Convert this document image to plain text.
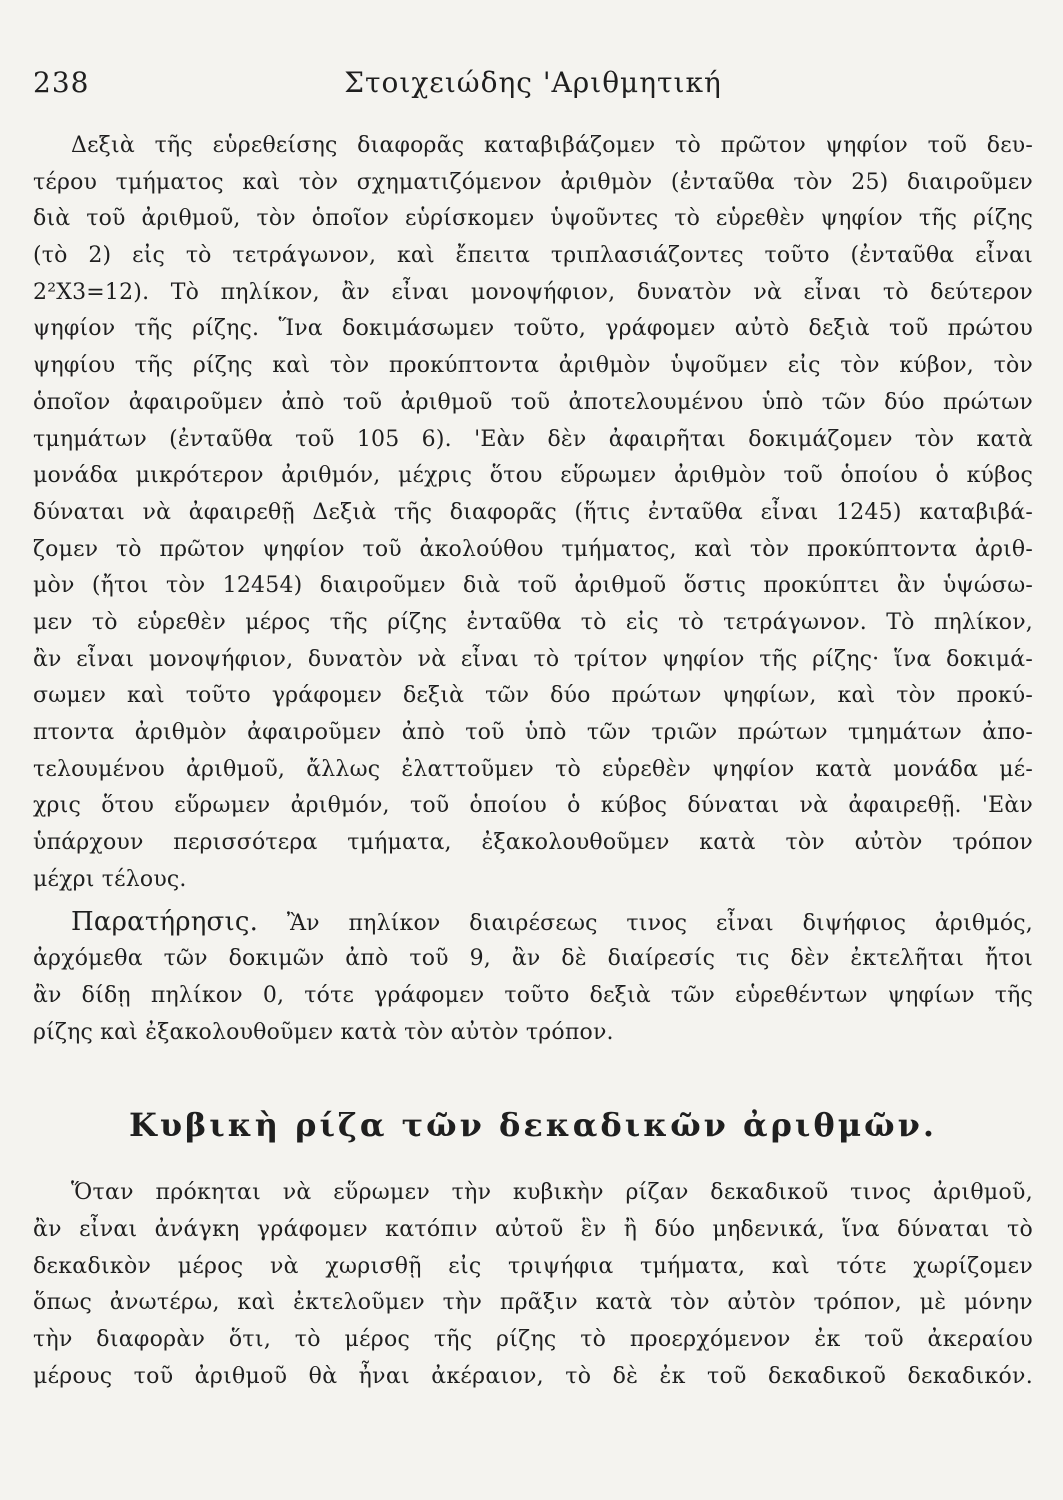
238	Στοιχειώδης 'Αριθμητική
Δεξιὰ τῆς εὑρεθείσης διαφορᾶς καταβιβάζομεν τὸ πρῶτον ψηφίον τοῦ δευ-
τέρου τμήματος καὶ τὸν σχηματιζόμενον ἀριθμὸν (ἐνταῦθα τὸν 25) διαιροῦμεν
διὰ τοῦ ἀριθμοῦ, τὸν ὁποῖον εὑρίσκομεν ὑψοῦντες τὸ εὑρεθὲν ψηφίον τῆς ρίζης
(τὸ 2) εἰς τὸ τετράγωνον, καὶ ἔπειτα τριπλασιάζοντες τοῦτο (ἐνταῦθα εἶναι
2²X3=12). Τὸ πηλίκον, ἂν εἶναι μονοψήφιον, δυνατὸν νὰ εἶναι τὸ δεύτερον
ψηφίον τῆς ρίζης. Ἵνα δοκιμάσωμεν τοῦτο, γράφομεν αὐτὸ δεξιὰ τοῦ πρώτου
ψηφίου τῆς ρίζης καὶ τὸν προκύπτοντα ἀριθμὸν ὑψοῦμεν εἰς τὸν κύβον, τὸν
ὁποῖον ἀφαιροῦμεν ἀπὸ τοῦ ἀριθμοῦ τοῦ ἀποτελουμένου ὑπὸ τῶν δύο πρώτων
τμημάτων (ἐνταῦθα τοῦ 105 6). 'Εὰν δὲν ἀφαιρῆται δοκιμάζομεν τὸν κατὰ
μονάδα μικρότερον ἀριθμόν, μέχρις ὅτου εὕρωμεν ἀριθμὸν τοῦ ὁποίου ὁ κύβος
δύναται νὰ ἀφαιρεθῇ Δεξιὰ τῆς διαφορᾶς (ἥτις ἐνταῦθα εἶναι 1245) καταβιβά-
ζομεν τὸ πρῶτον ψηφίον τοῦ ἀκολούθου τμήματος, καὶ τὸν προκύπτοντα ἀριθ-
μὸν (ἤτοι τὸν 12454) διαιροῦμεν διὰ τοῦ ἀριθμοῦ ὅστις προκύπτει ἂν ὑψώσω-
μεν τὸ εὑρεθὲν μέρος τῆς ρίζης ἐνταῦθα τὸ εἰς τὸ τετράγωνον. Τὸ πηλίκον,
ἂν εἶναι μονοψήφιον, δυνατὸν νὰ εἶναι τὸ τρίτον ψηφίον τῆς ρίζης· ἵνα δοκιμά-
σωμεν καὶ τοῦτο γράφομεν δεξιὰ τῶν δύο πρώτων ψηφίων, καὶ τὸν προκύ-
πτοντα ἀριθμὸν ἀφαιροῦμεν ἀπὸ τοῦ ὑπὸ τῶν τριῶν πρώτων τμημάτων ἀπο-
τελουμένου ἀριθμοῦ, ἄλλως ἐλαττοῦμεν τὸ εὑρεθὲν ψηφίον κατὰ μονάδα μέ-
χρις ὅτου εὕρωμεν ἀριθμόν, τοῦ ὁποίου ὁ κύβος δύναται νὰ ἀφαιρεθῇ. 'Εὰν
ὑπάρχουν περισσότερα τμήματα, ἐξακολουθοῦμεν κατὰ τὸν αὐτὸν τρόπον
μέχρι τέλους.
Παρατήρησις. Ἂν πηλίκον διαιρέσεως τινος εἶναι διψήφιος ἀριθμός,
ἀρχόμεθα τῶν δοκιμῶν ἀπὸ τοῦ 9, ἂν δὲ διαίρεσίς τις δὲν ἐκτελῆται ἤτοι
ἂν δίδῃ πηλίκον 0, τότε γράφομεν τοῦτο δεξιὰ τῶν εὑρεθέντων ψηφίων τῆς
ρίζης καὶ ἐξακολουθοῦμεν κατὰ τὸν αὐτὸν τρόπον.
Κυβικὴ ρίζα τῶν δεκαδικῶν ἀριθμῶν.
Ὅταν πρόκηται νὰ εὕρωμεν τὴν κυβικὴν ρίζαν δεκαδικοῦ τινος ἀριθμοῦ,
ἂν εἶναι ἀνάγκη γράφομεν κατόπιν αὐτοῦ ἓν ἢ δύο μηδενικά, ἵνα δύναται τὸ
δεκαδικὸν μέρος νὰ χωρισθῇ εἰς τριψήφια τμήματα, καὶ τότε χωρίζομεν
ὅπως ἀνωτέρω, καὶ ἐκτελοῦμεν τὴν πρᾶξιν κατὰ τὸν αὐτὸν τρόπον, μὲ μόνην
τὴν διαφορὰν ὅτι, τὸ μέρος τῆς ρίζης τὸ προερχόμενον ἐκ τοῦ ἀκεραίου
μέρους τοῦ ἀριθμοῦ θὰ ἦναι ἀκέραιον, τὸ δὲ ἐκ τοῦ δεκαδικοῦ δεκαδικόν.
